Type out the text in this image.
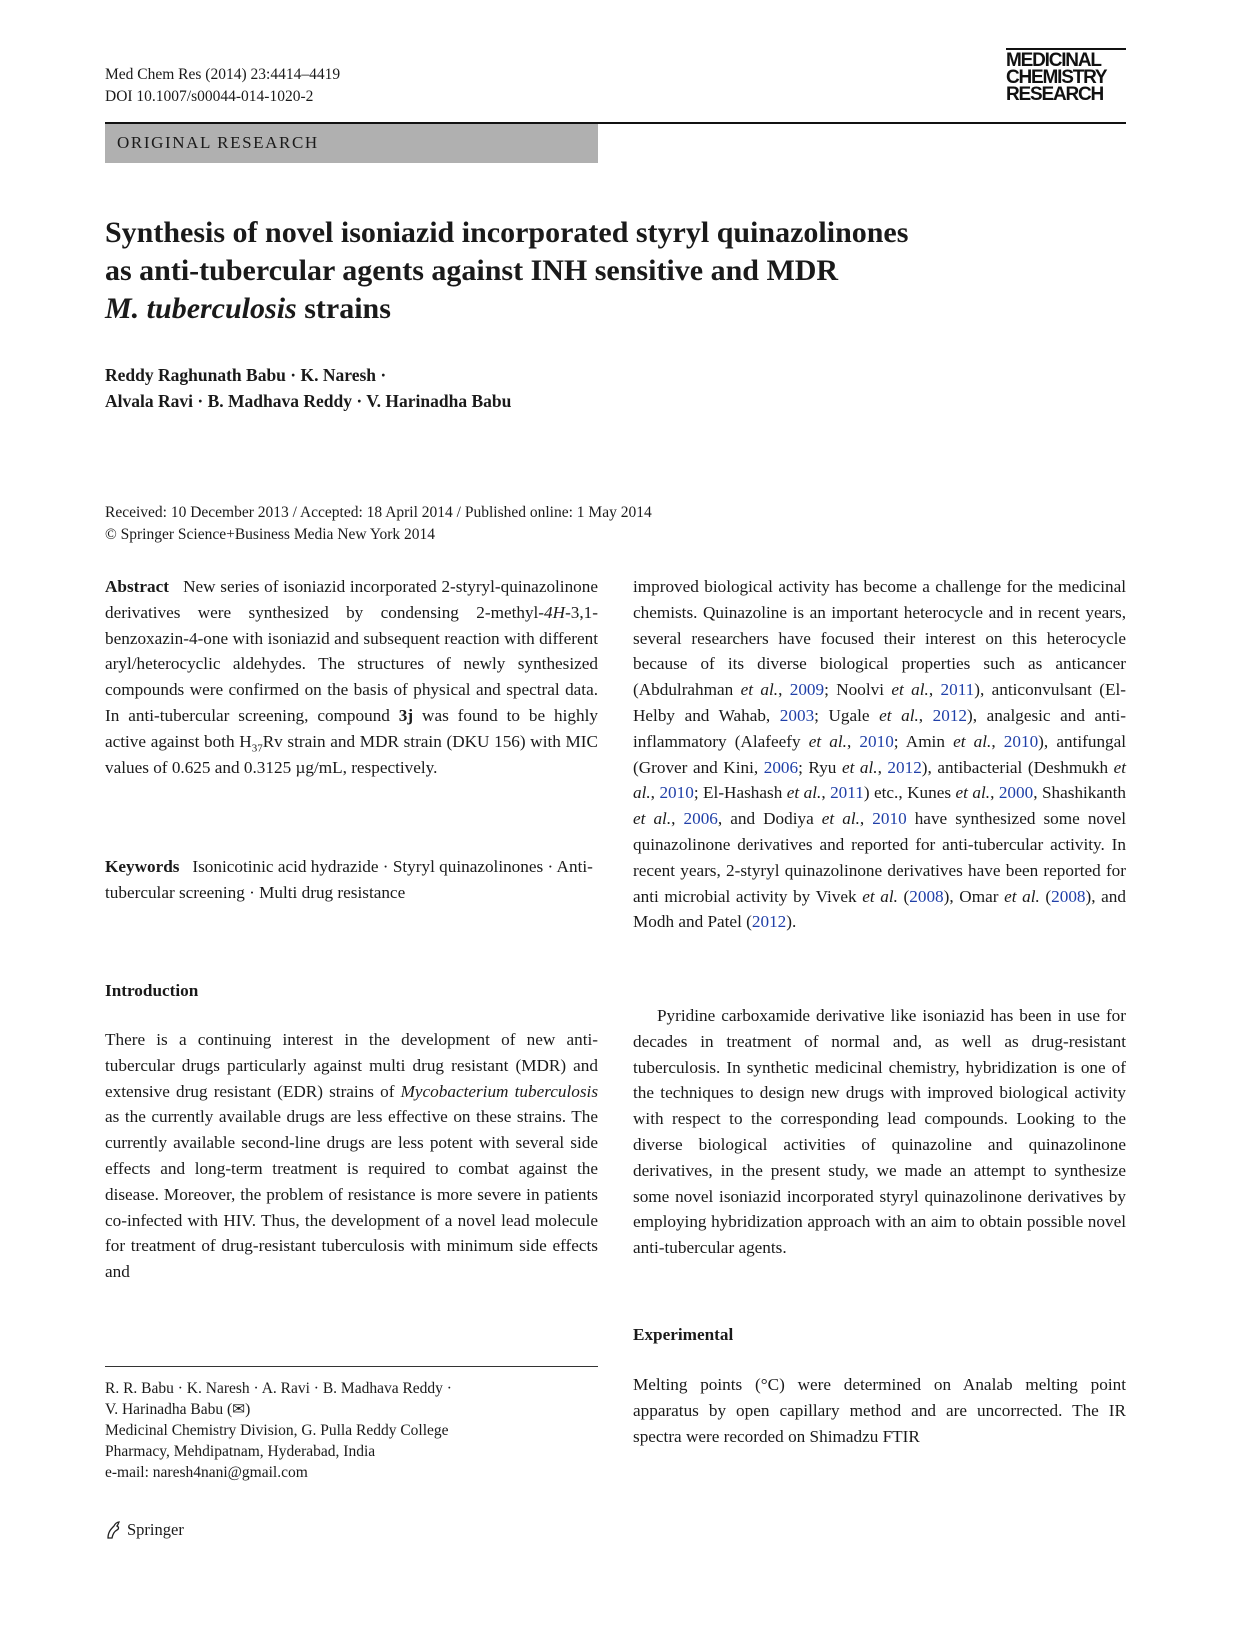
Med Chem Res (2014) 23:4414–4419
DOI 10.1007/s00044-014-1020-2
MEDICINAL
CHEMISTRY
RESEARCH
ORIGINAL RESEARCH
Synthesis of novel isoniazid incorporated styryl quinazolinones
as anti-tubercular agents against INH sensitive and MDR
M. tuberculosis strains
Reddy Raghunath Babu · K. Naresh ·
Alvala Ravi · B. Madhava Reddy · V. Harinadha Babu
Received: 10 December 2013 / Accepted: 18 April 2014 / Published online: 1 May 2014
© Springer Science+Business Media New York 2014

Abstract New series of isoniazid incorporated 2-styryl-quinazolinone derivatives were synthesized by condensing 2-methyl-4H-3,1-benzoxazin-4-one with isoniazid and subsequent reaction with different aryl/heterocyclic aldehydes. The structures of newly synthesized compounds were confirmed on the basis of physical and spectral data. In anti-tubercular screening, compound 3j was found to be highly active against both $H_{37}Rv$ strain and MDR strain (DKU 156) with MIC values of 0.625 and 0.3125 µg/mL, respectively.

Keywords Isonicotinic acid hydrazide · Styryl quinazolinones · Anti-tubercular screening · Multi drug resistance

Introduction

There is a continuing interest in the development of new anti-tubercular drugs particularly against multi drug resistant (MDR) and extensive drug resistant (EDR) strains of Mycobacterium tuberculosis as the currently available drugs are less effective on these strains. The currently available second-line drugs are less potent with several side effects and long-term treatment is required to combat against the disease. Moreover, the problem of resistance is more severe in patients co-infected with HIV. Thus, the development of a novel lead molecule for treatment of drug-resistant tuberculosis with minimum side effects and

R. R. Babu · K. Naresh · A. Ravi · B. Madhava Reddy ·
V. Harinadha Babu (✉)
Medicinal Chemistry Division, G. Pulla Reddy College
Pharmacy, Mehdipatnam, Hyderabad, India
e-mail: naresh4nani@gmail.com

improved biological activity has become a challenge for the medicinal chemists. Quinazoline is an important heterocycle and in recent years, several researchers have focused their interest on this heterocycle because of its diverse biological properties such as anticancer (Abdulrahman et al., 2009; Noolvi et al., 2011), anticonvulsant (El-Helby and Wahab, 2003; Ugale et al., 2012), analgesic and anti-inflammatory (Alafeefy et al., 2010; Amin et al., 2010), antifungal (Grover and Kini, 2006; Ryu et al., 2012), antibacterial (Deshmukh et al., 2010; El-Hashash et al., 2011) etc., Kunes et al., 2000, Shashikanth et al., 2006, and Dodiya et al., 2010 have synthesized some novel quinazolinone derivatives and reported for anti-tubercular activity. In recent years, 2-styryl quinazolinone derivatives have been reported for anti microbial activity by Vivek et al. (2008), Omar et al. (2008), and Modh and Patel (2012).

Pyridine carboxamide derivative like isoniazid has been in use for decades in treatment of normal and, as well as drug-resistant tuberculosis. In synthetic medicinal chemistry, hybridization is one of the techniques to design new drugs with improved biological activity with respect to the corresponding lead compounds. Looking to the diverse biological activities of quinazoline and quinazolinone derivatives, in the present study, we made an attempt to synthesize some novel isoniazid incorporated styryl quinazolinone derivatives by employing hybridization approach with an aim to obtain possible novel anti-tubercular agents.

Experimental

Melting points (°C) were determined on Analab melting point apparatus by open capillary method and are uncorrected. The IR spectra were recorded on Shimadzu FTIR

Springer
